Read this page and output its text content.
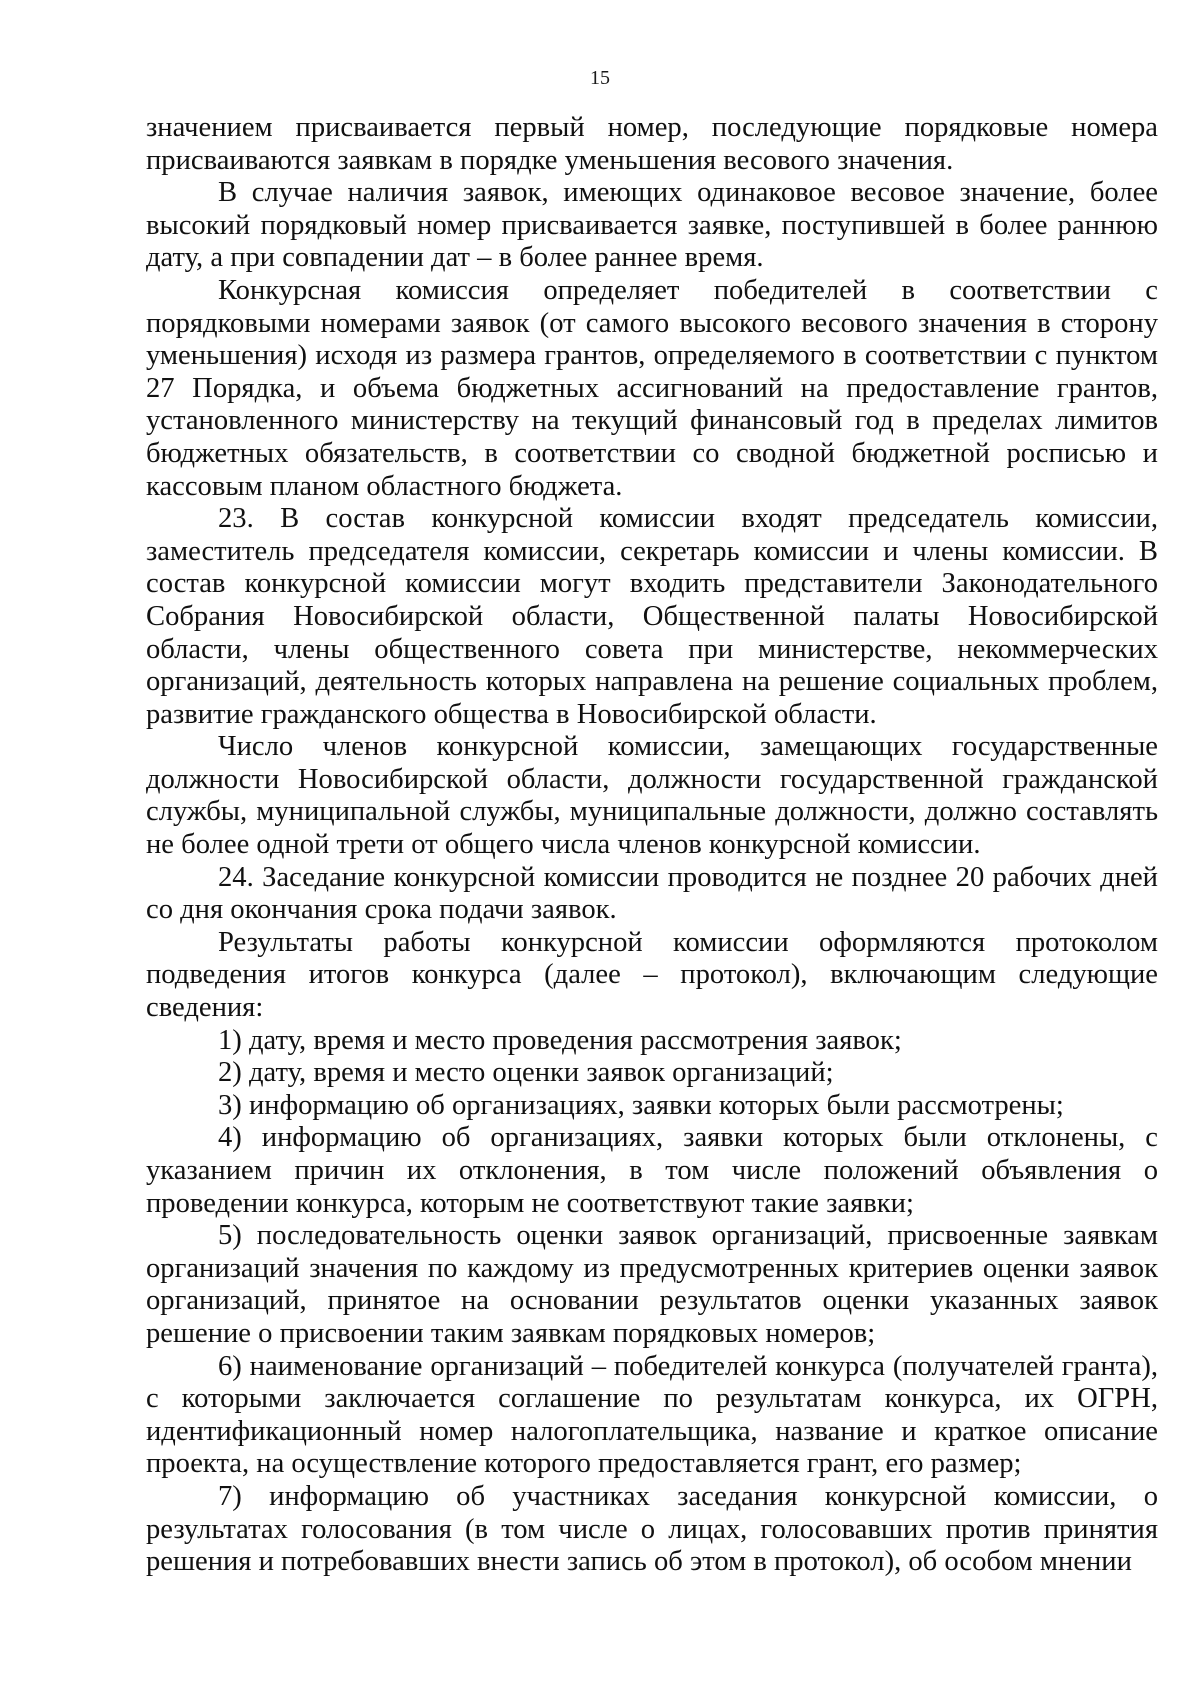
15

значением присваивается первый номер, последующие порядковые номера присваиваются заявкам в порядке уменьшения весового значения.

В случае наличия заявок, имеющих одинаковое весовое значение, более высокий порядковый номер присваивается заявке, поступившей в более раннюю дату, а при совпадении дат – в более раннее время.

Конкурсная комиссия определяет победителей в соответствии с порядковыми номерами заявок (от самого высокого весового значения в сторону уменьшения) исходя из размера грантов, определяемого в соответствии с пунктом 27 Порядка, и объема бюджетных ассигнований на предоставление грантов, установленного министерству на текущий финансовый год в пределах лимитов бюджетных обязательств, в соответствии со сводной бюджетной росписью и кассовым планом областного бюджета.

23. В состав конкурсной комиссии входят председатель комиссии, заместитель председателя комиссии, секретарь комиссии и члены комиссии. В состав конкурсной комиссии могут входить представители Законодательного Собрания Новосибирской области, Общественной палаты Новосибирской области, члены общественного совета при министерстве, некоммерческих организаций, деятельность которых направлена на решение социальных проблем, развитие гражданского общества в Новосибирской области.

Число членов конкурсной комиссии, замещающих государственные должности Новосибирской области, должности государственной гражданской службы, муниципальной службы, муниципальные должности, должно составлять не более одной трети от общего числа членов конкурсной комиссии.

24. Заседание конкурсной комиссии проводится не позднее 20 рабочих дней со дня окончания срока подачи заявок.

Результаты работы конкурсной комиссии оформляются протоколом подведения итогов конкурса (далее – протокол), включающим следующие сведения:

1) дату, время и место проведения рассмотрения заявок;

2) дату, время и место оценки заявок организаций;

3) информацию об организациях, заявки которых были рассмотрены;

4) информацию об организациях, заявки которых были отклонены, с указанием причин их отклонения, в том числе положений объявления о проведении конкурса, которым не соответствуют такие заявки;

5) последовательность оценки заявок организаций, присвоенные заявкам организаций значения по каждому из предусмотренных критериев оценки заявок организаций, принятое на основании результатов оценки указанных заявок решение о присвоении таким заявкам порядковых номеров;

6) наименование организаций – победителей конкурса (получателей гранта), с которыми заключается соглашение по результатам конкурса, их ОГРН, идентификационный номер налогоплательщика, название и краткое описание проекта, на осуществление которого предоставляется грант, его размер;

7) информацию об участниках заседания конкурсной комиссии, о результатах голосования (в том числе о лицах, голосовавших против принятия решения и потребовавших внести запись об этом в протокол), об особом мнении
